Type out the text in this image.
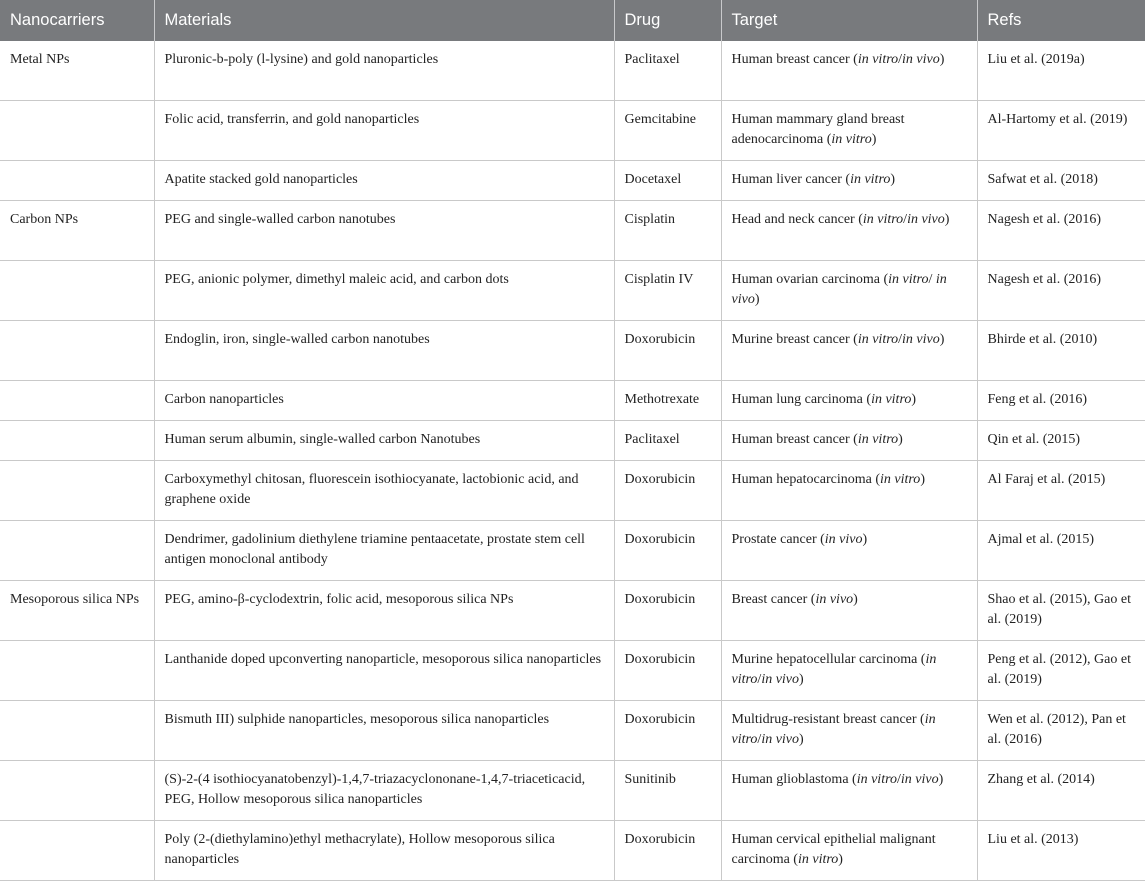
Nanocarriers	Materials	Drug	Target	Refs
Metal NPs	Pluronic-b-poly (l-lysine) and gold nanoparticles	Paclitaxel	Human breast cancer (in vitro/in vivo)	Liu et al. (2019a)
	Folic acid, transferrin, and gold nanoparticles	Gemcitabine	Human mammary gland breast adenocarcinoma (in vitro)	Al-Hartomy et al. (2019)
	Apatite stacked gold nanoparticles	Docetaxel	Human liver cancer (in vitro)	Safwat et al. (2018)
Carbon NPs	PEG and single-walled carbon nanotubes	Cisplatin	Head and neck cancer (in vitro/in vivo)	Nagesh et al. (2016)
	PEG, anionic polymer, dimethyl maleic acid, and carbon dots	Cisplatin IV	Human ovarian carcinoma (in vitro/ in vivo)	Nagesh et al. (2016)
	Endoglin, iron, single-walled carbon nanotubes	Doxorubicin	Murine breast cancer (in vitro/in vivo)	Bhirde et al. (2010)
	Carbon nanoparticles	Methotrexate	Human lung carcinoma (in vitro)	Feng et al. (2016)
	Human serum albumin, single-walled carbon Nanotubes	Paclitaxel	Human breast cancer (in vitro)	Qin et al. (2015)
	Carboxymethyl chitosan, fluorescein isothiocyanate, lactobionic acid, and graphene oxide	Doxorubicin	Human hepatocarcinoma (in vitro)	Al Faraj et al. (2015)
	Dendrimer, gadolinium diethylene triamine pentaacetate, prostate stem cell antigen monoclonal antibody	Doxorubicin	Prostate cancer (in vivo)	Ajmal et al. (2015)
Mesoporous silica NPs	PEG, amino-β-cyclodextrin, folic acid, mesoporous silica NPs	Doxorubicin	Breast cancer (in vivo)	Shao et al. (2015), Gao et al. (2019)
	Lanthanide doped upconverting nanoparticle, mesoporous silica nanoparticles	Doxorubicin	Murine hepatocellular carcinoma (in vitro/in vivo)	Peng et al. (2012), Gao et al. (2019)
	Bismuth III) sulphide nanoparticles, mesoporous silica nanoparticles	Doxorubicin	Multidrug-resistant breast cancer (in vitro/in vivo)	Wen et al. (2012), Pan et al. (2016)
	(S)-2-(4 isothiocyanatobenzyl)-1,4,7-triazacyclononane-1,4,7-triaceticacid, PEG, Hollow mesoporous silica nanoparticles	Sunitinib	Human glioblastoma (in vitro/in vivo)	Zhang et al. (2014)
	Poly (2-(diethylamino)ethyl methacrylate), Hollow mesoporous silica nanoparticles	Doxorubicin	Human cervical epithelial malignant carcinoma (in vitro)	Liu et al. (2013)
